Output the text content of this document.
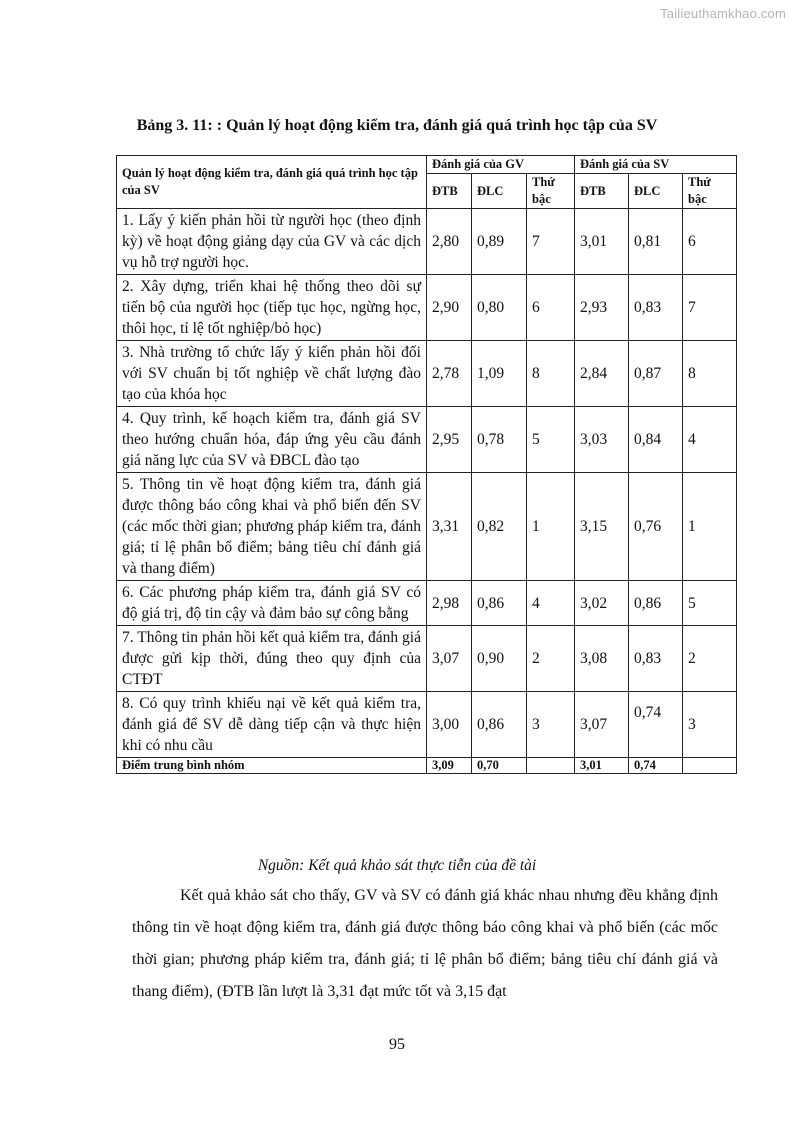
Tailieuthamkhao.com
Bảng 3. 11: : Quản lý hoạt động kiểm tra, đánh giá quá trình học tập của SV
Quản lý hoạt động kiểm tra, đánh giá quá trình học tập của SV	Đánh giá của GV			Đánh giá của SV		
	ĐTB	ĐLC	Thứ bậc	ĐTB	ĐLC	Thứ bậc
1. Lấy ý kiến phản hồi từ người học (theo định kỳ) về hoạt động giảng dạy của GV và các dịch vụ hỗ trợ người học.	2,80	0,89	7	3,01	0,81	6
2. Xây dựng, triển khai hệ thống theo dõi sự tiến bộ của người học (tiếp tục học, ngừng học, thôi học, tỉ lệ tốt nghiệp/bỏ học)	2,90	0,80	6	2,93	0,83	7
3. Nhà trường tổ chức lấy ý kiến phản hồi đối với SV chuẩn bị tốt nghiệp về chất lượng đào tạo của khóa học	2,78	1,09	8	2,84	0,87	8
4. Quy trình, kế hoạch kiểm tra, đánh giá SV theo hướng chuẩn hóa, đáp ứng yêu cầu đánh giá năng lực của SV và ĐBCL đào tạo	2,95	0,78	5	3,03	0,84	4
5. Thông tin về hoạt động kiểm tra, đánh giá được thông báo công khai và phổ biến đến SV (các mốc thời gian; phương pháp kiểm tra, đánh giá; tỉ lệ phân bổ điểm; bảng tiêu chí đánh giá và thang điểm)	3,31	0,82	1	3,15	0,76	1
6. Các phương pháp kiểm tra, đánh giá SV có độ giá trị, độ tin cậy và đảm bảo sự công bằng	2,98	0,86	4	3,02	0,86	5
7. Thông tin phản hồi kết quả kiểm tra, đánh giá được gửi kịp thời, đúng theo quy định của CTĐT	3,07	0,90	2	3,08	0,83	2
8. Có quy trình khiếu nại về kết quả kiểm tra, đánh giá để SV dễ dàng tiếp cận và thực hiện khi có nhu cầu	3,00	0,86	3	3,07	0,74	3
Điểm trung bình nhóm	3,09	0,70		3,01	0,74	
Nguồn: Kết quả khảo sát thực tiễn của đề tài

Kết quả khảo sát cho thấy, GV và SV có đánh giá khác nhau nhưng đều khẳng định thông tin về hoạt động kiểm tra, đánh giá được thông báo công khai và phổ biến (các mốc thời gian; phương pháp kiểm tra, đánh giá; tỉ lệ phân bổ điểm; bảng tiêu chí đánh giá và thang điểm), (ĐTB lần lượt là 3,31 đạt mức tốt và 3,15 đạt

95
